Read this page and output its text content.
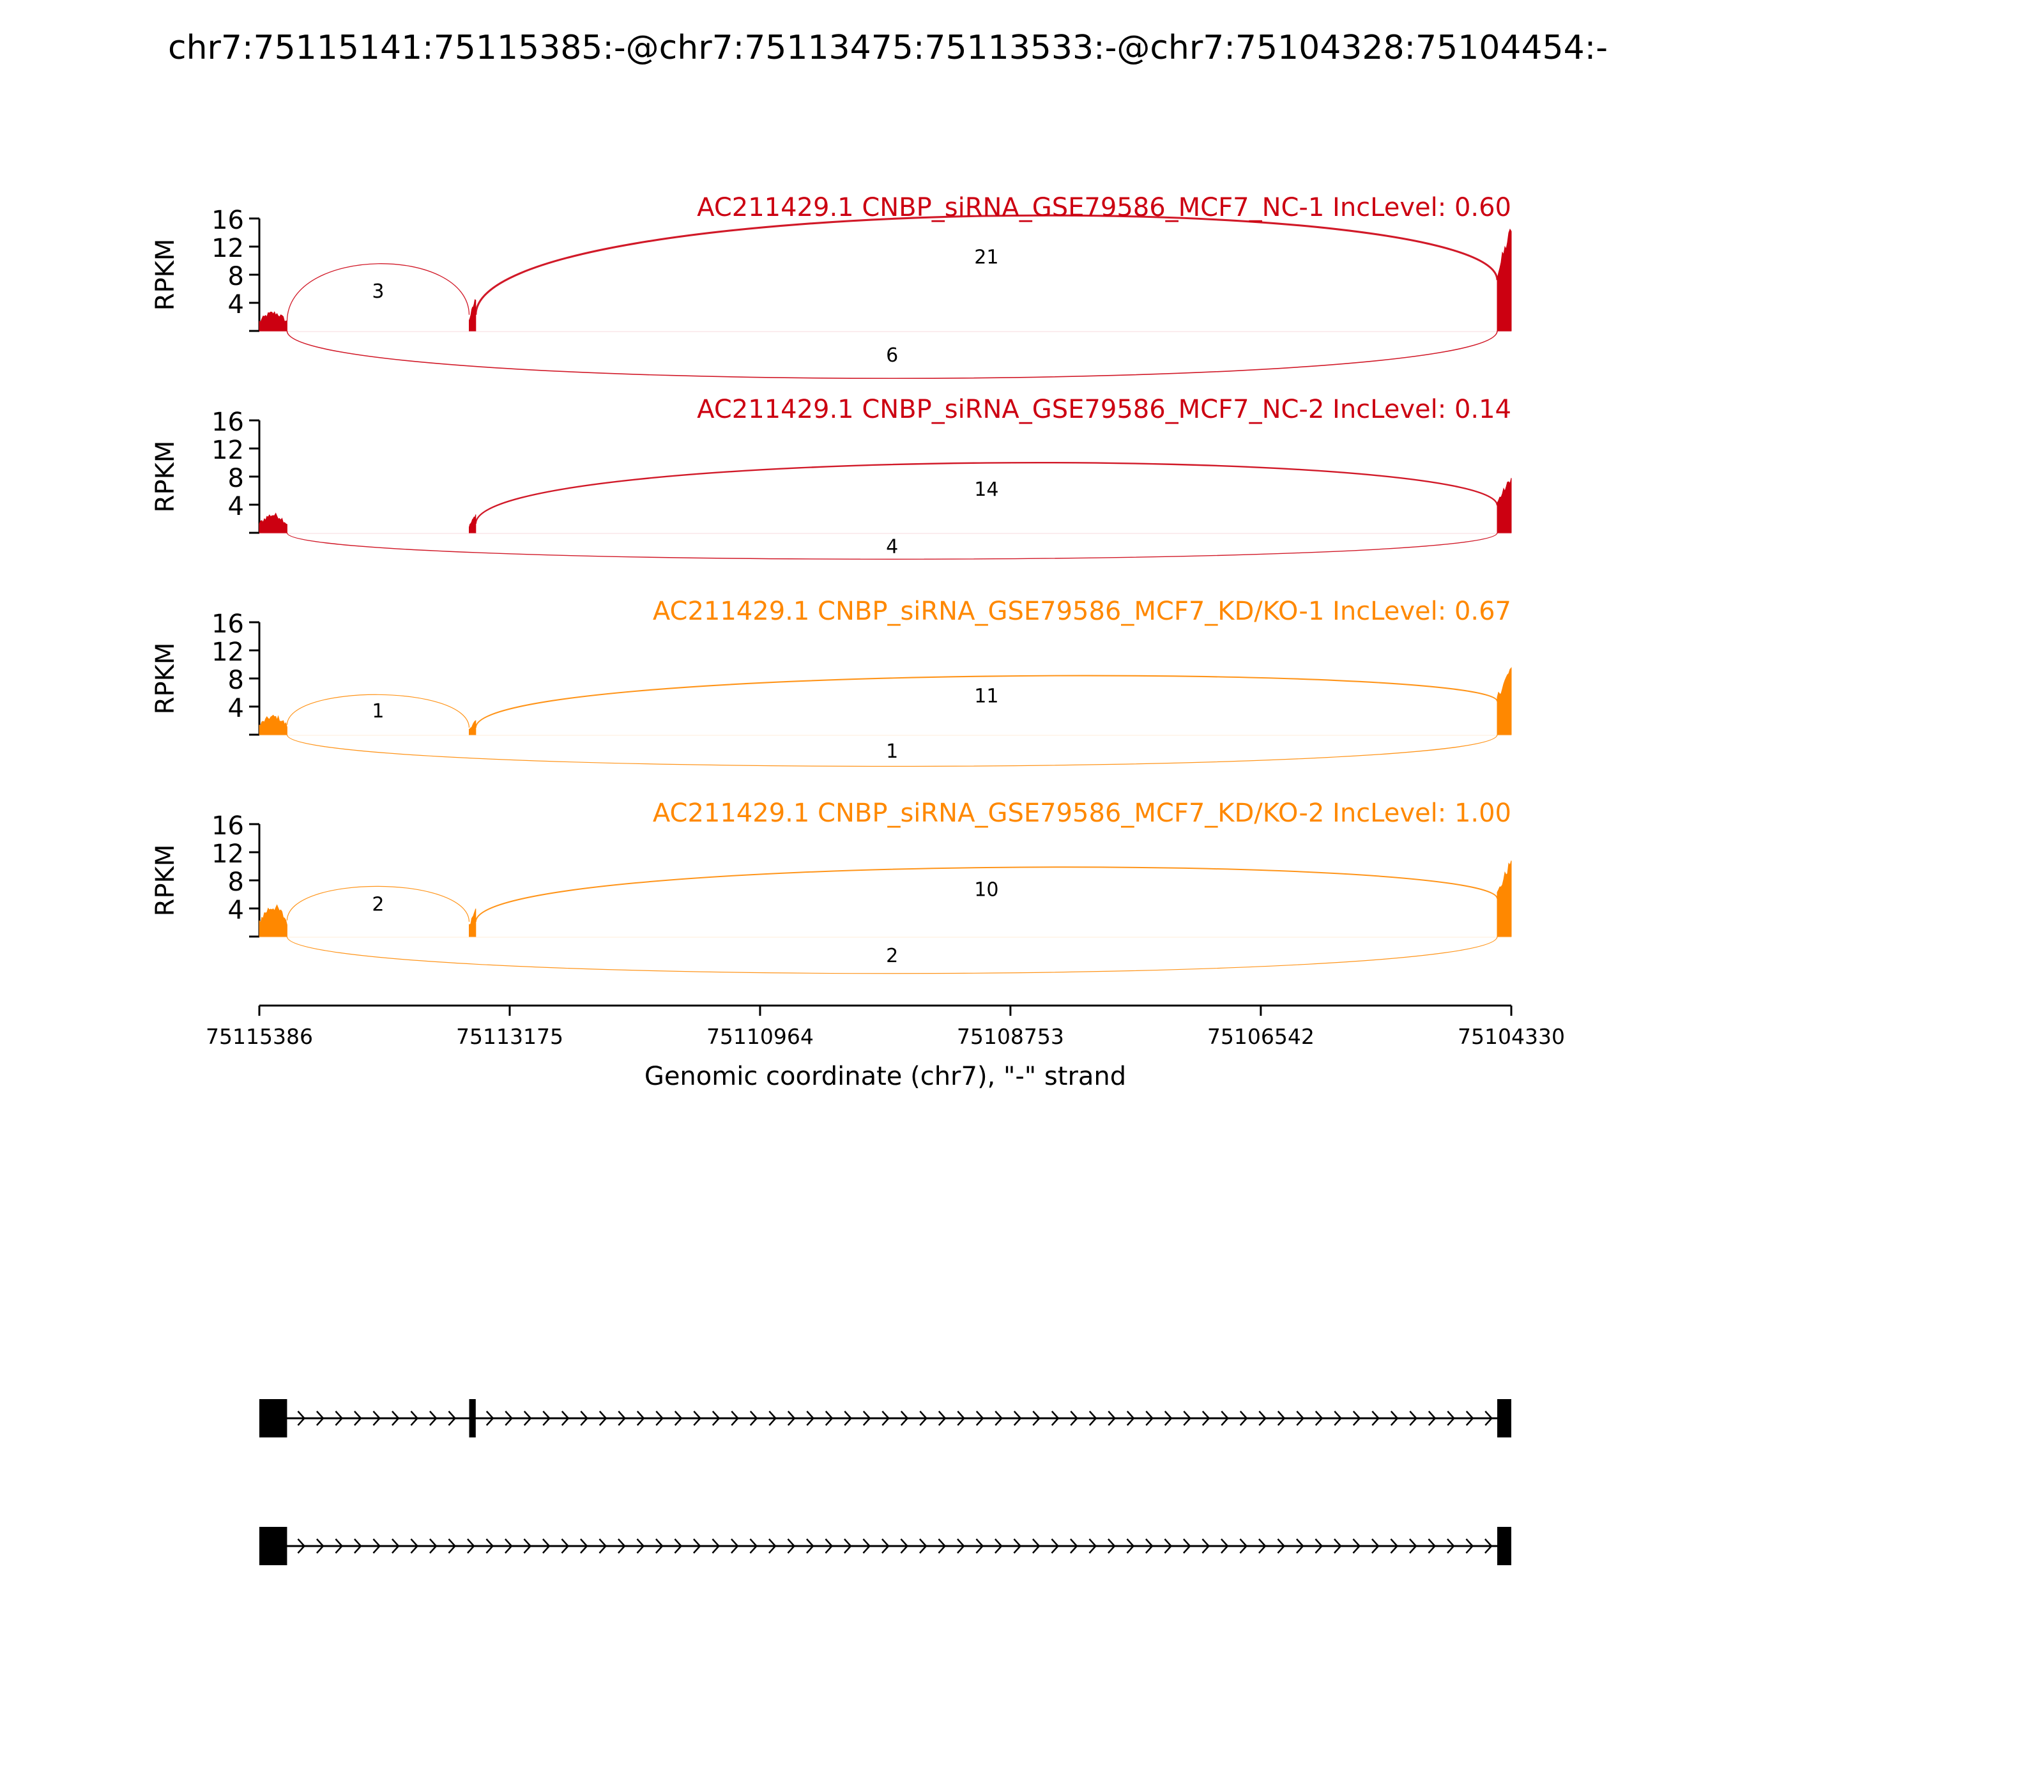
chr7:75115141:75115385:-@chr7:75113475:75113533:-@chr7:75104328:75104454:-
4
8
12
16
RPKM	3
21
6
AC211429.1 CNBP_siRNA_GSE79586_MCF7_NC-1 IncLevel: 0.60
4
8
12
16
RPKM	14
4
AC211429.1 CNBP_siRNA_GSE79586_MCF7_NC-2 IncLevel: 0.14
4
8
12
16
RPKM	1
11
1
AC211429.1 CNBP_siRNA_GSE79586_MCF7_KD/KO-1 IncLevel: 0.67
4
8
12
16
RPKM	2
10
2
AC211429.1 CNBP_siRNA_GSE79586_MCF7_KD/KO-2 IncLevel: 1.00
75115386	75113175	75110964	75108753	75106542	75104330
Genomic coordinate (chr7), "-" strand
